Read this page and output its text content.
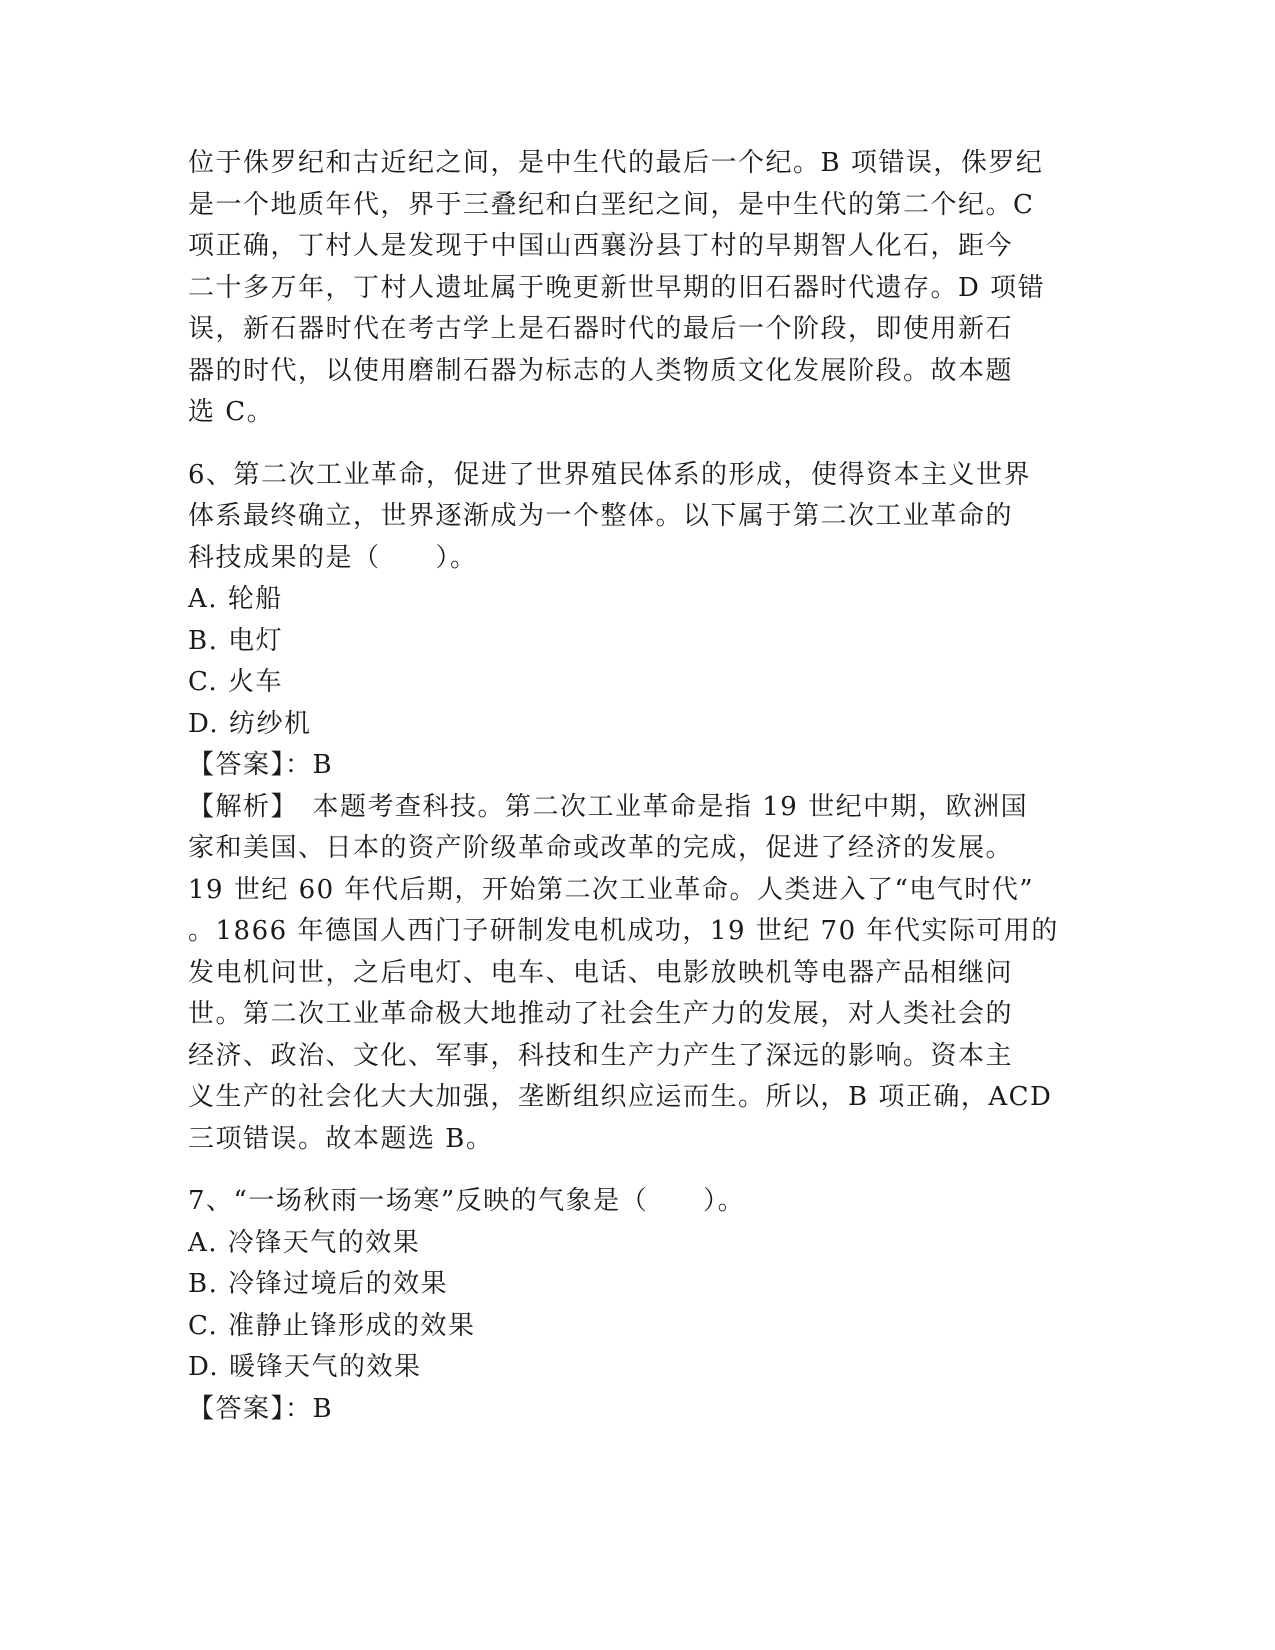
位于侏罗纪和古近纪之间，是中生代的最后一个纪。B 项错误，侏罗纪
是一个地质年代，界于三叠纪和白垩纪之间，是中生代的第二个纪。C
项正确，丁村人是发现于中国山西襄汾县丁村的早期智人化石，距今
二十多万年，丁村人遗址属于晚更新世早期的旧石器时代遗存。D 项错
误，新石器时代在考古学上是石器时代的最后一个阶段，即使用新石
器的时代，以使用磨制石器为标志的人类物质文化发展阶段。故本题
选 C。
6、第二次工业革命，促进了世界殖民体系的形成，使得资本主义世界
体系最终确立，世界逐渐成为一个整体。以下属于第二次工业革命的
科技成果的是（　　）。
A. 轮船
B. 电灯
C. 火车
D. 纺纱机
【答案】：B
【解析】　本题考查科技。第二次工业革命是指 19 世纪中期，欧洲国
家和美国、日本的资产阶级革命或改革的完成，促进了经济的发展。
19 世纪 60 年代后期，开始第二次工业革命。人类进入了“电气时代”
。1866 年德国人西门子研制发电机成功，19 世纪 70 年代实际可用的
发电机问世，之后电灯、电车、电话、电影放映机等电器产品相继问
世。第二次工业革命极大地推动了社会生产力的发展，对人类社会的
经济、政治、文化、军事，科技和生产力产生了深远的影响。资本主
义生产的社会化大大加强，垄断组织应运而生。所以，B 项正确，ACD
三项错误。故本题选 B。
7、“一场秋雨一场寒”反映的气象是（　　）。
A. 冷锋天气的效果
B. 冷锋过境后的效果
C. 准静止锋形成的效果
D. 暖锋天气的效果
【答案】：B
